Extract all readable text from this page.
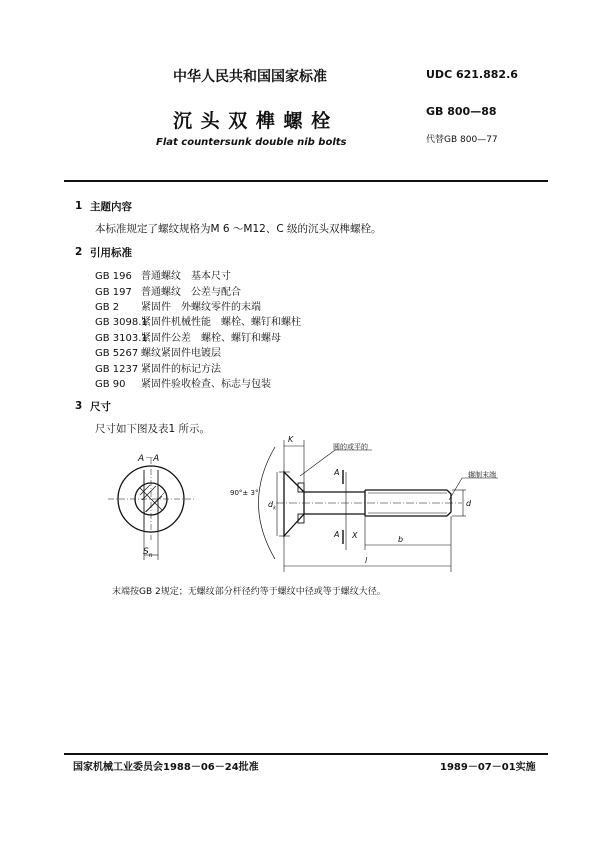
中华人民共和国国家标准	UDC 621.882.6
沉 头 双 榫 螺 栓	GB 800—88
Flat countersunk double nib bolts	代替GB 800—77
1 主题内容
本标准规定了螺纹规格为M 6 ～M12、C 级的沉头双榫螺栓。
2 引用标准
GB 196 普通螺纹　基本尺寸
GB 197 普通螺纹　公差与配合
GB 2 紧固件　外螺纹零件的末端
GB 3098.1紧固件机械性能　螺栓、螺钉和螺柱
GB 3103.1紧固件公差　螺栓、螺钉和螺母
GB 5267 螺纹紧固件电镀层
GB 1237 紧固件的标记方法
GB 90 紧固件验收检查、标志与包装
3 尺寸
尺寸如下图及表1 所示。
A－A
$S_n$
K
圆的或平的
辗制末端
90°± 3°
$d_k$
A
A X	b
l
d
末端按GB 2规定；无螺纹部分杆径约等于螺纹中径或等于螺纹大径。
国家机械工业委员会1988－06－24批准	1989－07－01实施
